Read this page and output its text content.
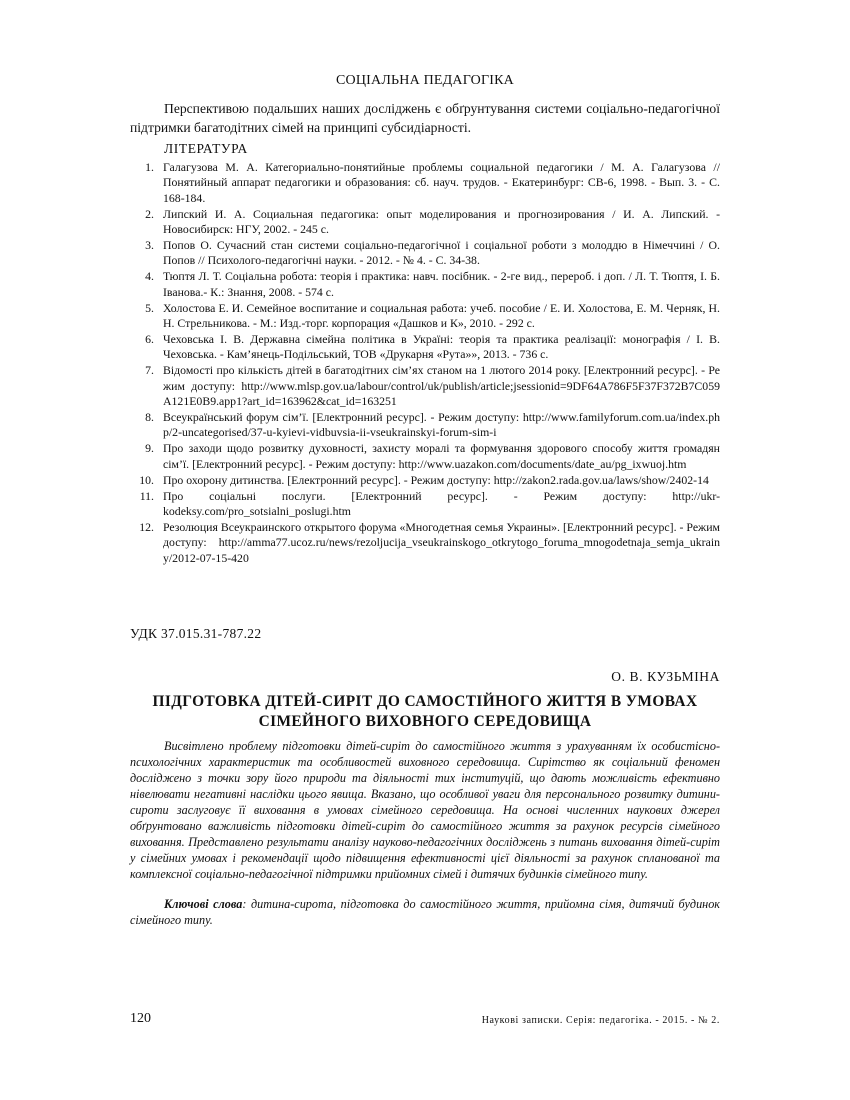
СОЦІАЛЬНА ПЕДАГОГІКА

Перспективою подальших наших досліджень є обґрунтування системи соціально-педагогічної підтримки багатодітних сімей на принципі субсидіарності.

ЛІТЕРАТУРА
1. Галагузова М. А. Категориально-понятийные проблемы социальной педагогики / М. А. Галагузова // Понятийный аппарат педагогики и образования: сб. науч. трудов. - Екатеринбург: СВ-6, 1998. - Вып. 3. - С. 168-184.
2. Липский И. А. Социальная педагогика: опыт моделирования и прогнозирования / И. А. Липский. - Новосибирск: НГУ, 2002. - 245 с.
3. Попов О. Сучасний стан системи соціально-педагогічної і соціальної роботи з молоддю в Німеччині / О. Попов // Психолого-педагогічні науки. - 2012. - № 4. - С. 34-38.
4. Тюптя Л. Т. Соціальна робота: теорія і практика: навч. посібник. - 2-ге вид., перероб. і доп. / Л. Т. Тюптя, І. Б. Іванова.- К.: Знання, 2008. - 574 с.
5. Холостова Е. И. Семейное воспитание и социальная работа: учеб. пособие / Е. И. Холостова, Е. М. Черняк, Н. Н. Стрельникова. - М.: Изд.-торг. корпорация «Дашков и К», 2010. - 292 с.
6. Чеховська І. В. Державна сімейна політика в Україні: теорія та практика реалізації: монографія / І. В. Чеховська. - Кам’янець-Подільський, ТОВ «Друкарня «Рута»», 2013. - 736 с.
7. Відомості про кількість дітей в багатодітних сім’ях станом на 1 лютого 2014 року. [Електронний ресурс]. - Режим доступу: http://www.mlsp.gov.ua/labour/control/uk/publish/article;jsessionid=9DF64A786F5F37F372B7C059A121E0B9.app1?art_id=163962&cat_id=163251
8. Всеукраїнський форум сім’ї. [Електронний ресурс]. - Режим доступу: http://www.familyforum.com.ua/index.php/2-uncategorised/37-u-kyievi-vidbuvsia-ii-vseukrainskyi-forum-sim-i
9. Про заходи щодо розвитку духовності, захисту моралі та формування здорового способу життя громадян сім’ї. [Електронний ресурс]. - Режим доступу: http://www.uazakon.com/documents/date_au/pg_ixwuoj.htm
10. Про охорону дитинства. [Електронний ресурс]. - Режим доступу: http://zakon2.rada.gov.ua/laws/show/2402-14
11. Про соціальні послуги. [Електронний ресурс]. - Режим доступу: http://ukr-kodeksy.com/pro_sotsialni_poslugi.htm
12. Резолюция Всеукраинского открытого форума «Многодетная семья Украины». [Електронний ресурс]. - Режим доступу: http://amma77.ucoz.ru/news/rezoljucija_vseukrainskogo_otkrytogo_foruma_mnogodetnaja_semja_ukrainy/2012-07-15-420
УДК 37.015.31-787.22
О. В. КУЗЬМІНА
ПІДГОТОВКА ДІТЕЙ-СИРІТ ДО САМОСТІЙНОГО ЖИТТЯ В УМОВАХ СІМЕЙНОГО ВИХОВНОГО СЕРЕДОВИЩА

Висвітлено проблему підготовки дітей-сиріт до самостійного життя з урахуванням їх особистісно-психологічних характеристик та особливостей виховного середовища. Сирітство як соціальний феномен досліджено з точки зору його природи та діяльності тих інституцій, що дають можливість ефективно нівелювати негативні наслідки цього явища. Вказано, що особливої уваги для персонального розвитку дитини-сироти заслуговує її виховання в умовах сімейного середовища. На основі численних наукових джерел обґрунтовано важливість підготовки дітей-сиріт до самостійного життя за рахунок ресурсів сімейного виховання. Представлено результати аналізу науково-педагогічних досліджень з питань виховання дітей-сиріт у сімейних умовах і рекомендації щодо підвищення ефективності цієї діяльності за рахунок спланованої та комплексної соціально-педагогічної підтримки прийомних сімей і дитячих будинків сімейного типу.

Ключові слова: дитина-сирота, підготовка до самостійного життя, прийомна сімя, дитячий будинок сімейного типу.

120	Наукові записки. Серія: педагогіка. - 2015. - № 2.
